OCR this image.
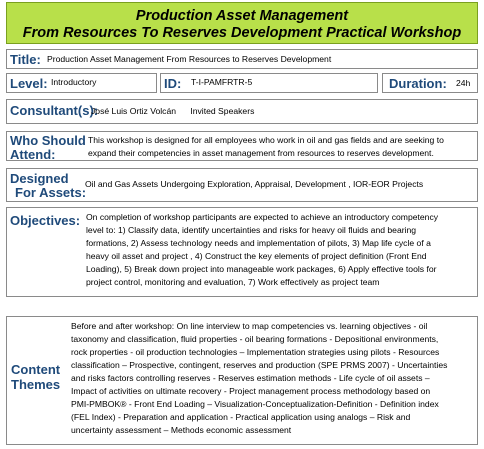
Production Asset Management
From Resources To Reserves Development Practical Workshop
Title: Production Asset Management From Resources to Reserves Development
Level: Introductory	ID: T-I-PAMFRTR-5	Duration: 24h
Consultant(s):
José Luis Ortiz Volcán      Invited Speakers
Who Should
Attend:
This workshop is designed for all employees who work in oil and gas fields and are seeking to
expand their competencies in asset management from resources to reserves development.
Designed
For Assets:
Oil and Gas Assets Undergoing Exploration, Appraisal, Development , IOR-EOR Projects
Objectives: On completion of workshop participants are expected to achieve an introductory competency
level to: 1) Classify data, identify uncertainties and risks for heavy oil fluids and bearing
formations, 2) Assess technology needs and implementation of pilots, 3) Map life cycle of a
heavy oil asset and project , 4) Construct the key elements of project definition (Front End
Loading), 5) Break down project into manageable work packages, 6) Apply effective tools for
project control, monitoring and evaluation, 7) Work effectively as project team
Content
Themes
Before and after workshop: On line interview to map competencies vs. learning objectives - oil
taxonomy and classification, fluid properties - oil bearing formations - Depositional environments,
rock properties - oil production technologies – Implementation strategies using pilots - Resources
classification – Prospective, contingent, reserves and production (SPE PRMS 2007) - Uncertainties
and risks factors controlling reserves - Reserves estimation methods - Life cycle of oil assets –
Impact of activities on ultimate recovery - Project management process methodology based on
PMI-PMBOK® - Front End Loading – Visualization-Conceptualization-Definition - Definition index
(FEL Index) - Preparation and application - Practical application using analogs – Risk and
uncertainty assessment – Methods economic assessment
